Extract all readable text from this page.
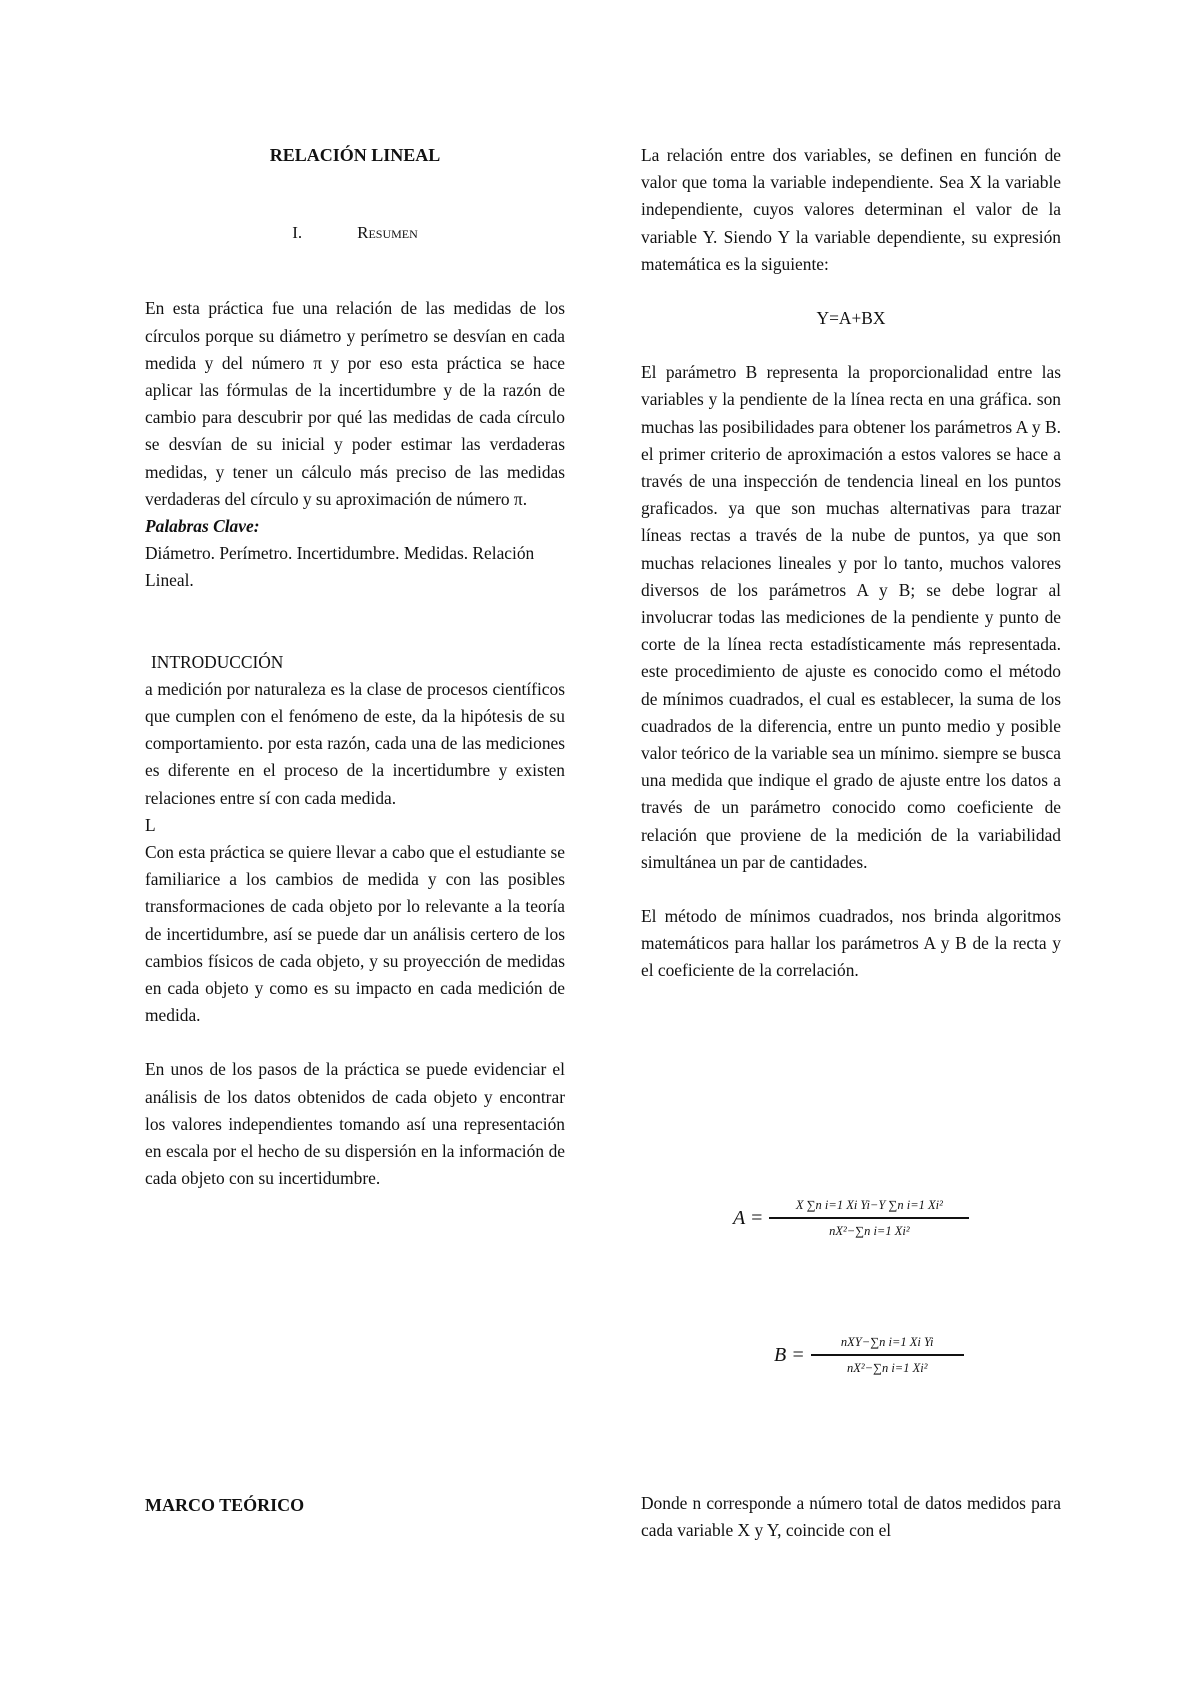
RELACIÓN LINEAL

I.	Resumen

En esta práctica fue una relación de las medidas de los círculos porque su diámetro y perímetro se desvían en cada medida y del número π y por eso esta práctica se hace aplicar las fórmulas de la incertidumbre y de la razón de cambio para descubrir por qué las medidas de cada círculo se desvían de su inicial y poder estimar las verdaderas medidas, y tener un cálculo más preciso de las medidas verdaderas del círculo y su aproximación de número π.

Palabras Clave:

Diámetro. Perímetro. Incertidumbre. Medidas. Relación Lineal.

INTRODUCCIÓN

a medición por naturaleza es la clase de procesos científicos que cumplen con el fenómeno de este, da la hipótesis de su comportamiento. por esta razón, cada una de las mediciones es diferente en el proceso de la incertidumbre y existen relaciones entre sí con cada medida.

L

Con esta práctica se quiere llevar a cabo que el estudiante se familiarice a los cambios de medida y con las posibles transformaciones de cada objeto por lo relevante a la teoría de incertidumbre, así se puede dar un análisis certero de los cambios físicos de cada objeto, y su proyección de medidas en cada objeto y como es su impacto en cada medición de medida.

En unos de los pasos de la práctica se puede evidenciar el análisis de los datos obtenidos de cada objeto y encontrar los valores independientes tomando así una representación en escala por el hecho de su dispersión en la información de cada objeto con su incertidumbre.

La relación entre dos variables, se definen en función de valor que toma la variable independiente. Sea X la variable independiente, cuyos valores determinan el valor de la variable Y. Siendo Y la variable dependiente, su expresión matemática es la siguiente:

Y=A+BX

El parámetro B representa la proporcionalidad entre las variables y la pendiente de la línea recta en una gráfica. son muchas las posibilidades para obtener los parámetros A y B. el primer criterio de aproximación a estos valores se hace a través de una inspección de tendencia lineal en los puntos graficados. ya que son muchas alternativas para trazar líneas rectas a través de la nube de puntos, ya que son muchas relaciones lineales y por lo tanto, muchos valores diversos de los parámetros A y B; se debe lograr al involucrar todas las mediciones de la pendiente y punto de corte de la línea recta estadísticamente más representada. este procedimiento de ajuste es conocido como el método de mínimos cuadrados, el cual es establecer, la suma de los cuadrados de la diferencia, entre un punto medio y posible valor teórico de la variable sea un mínimo. siempre se busca una medida que indique el grado de ajuste entre los datos a través de un parámetro conocido como coeficiente de relación que proviene de la medición de la variabilidad simultánea un par de cantidades.

El método de mínimos cuadrados, nos brinda algoritmos matemáticos para hallar los parámetros A y B de la recta y el coeficiente de la correlación.

$A = \frac{\text{X ∑n i=1 Xi Yi−Y ∑n i=1 Xi²}}{\text{nX²−∑n i=1 Xi²}}$
$B = \frac{\text{nXY−∑n i=1 Xi Yi}}{\text{nX²−∑n i=1 Xi²}}$
MARCO TEÓRICO	Donde n corresponde a número total de datos medidos para cada variable X y Y, coincide con el
